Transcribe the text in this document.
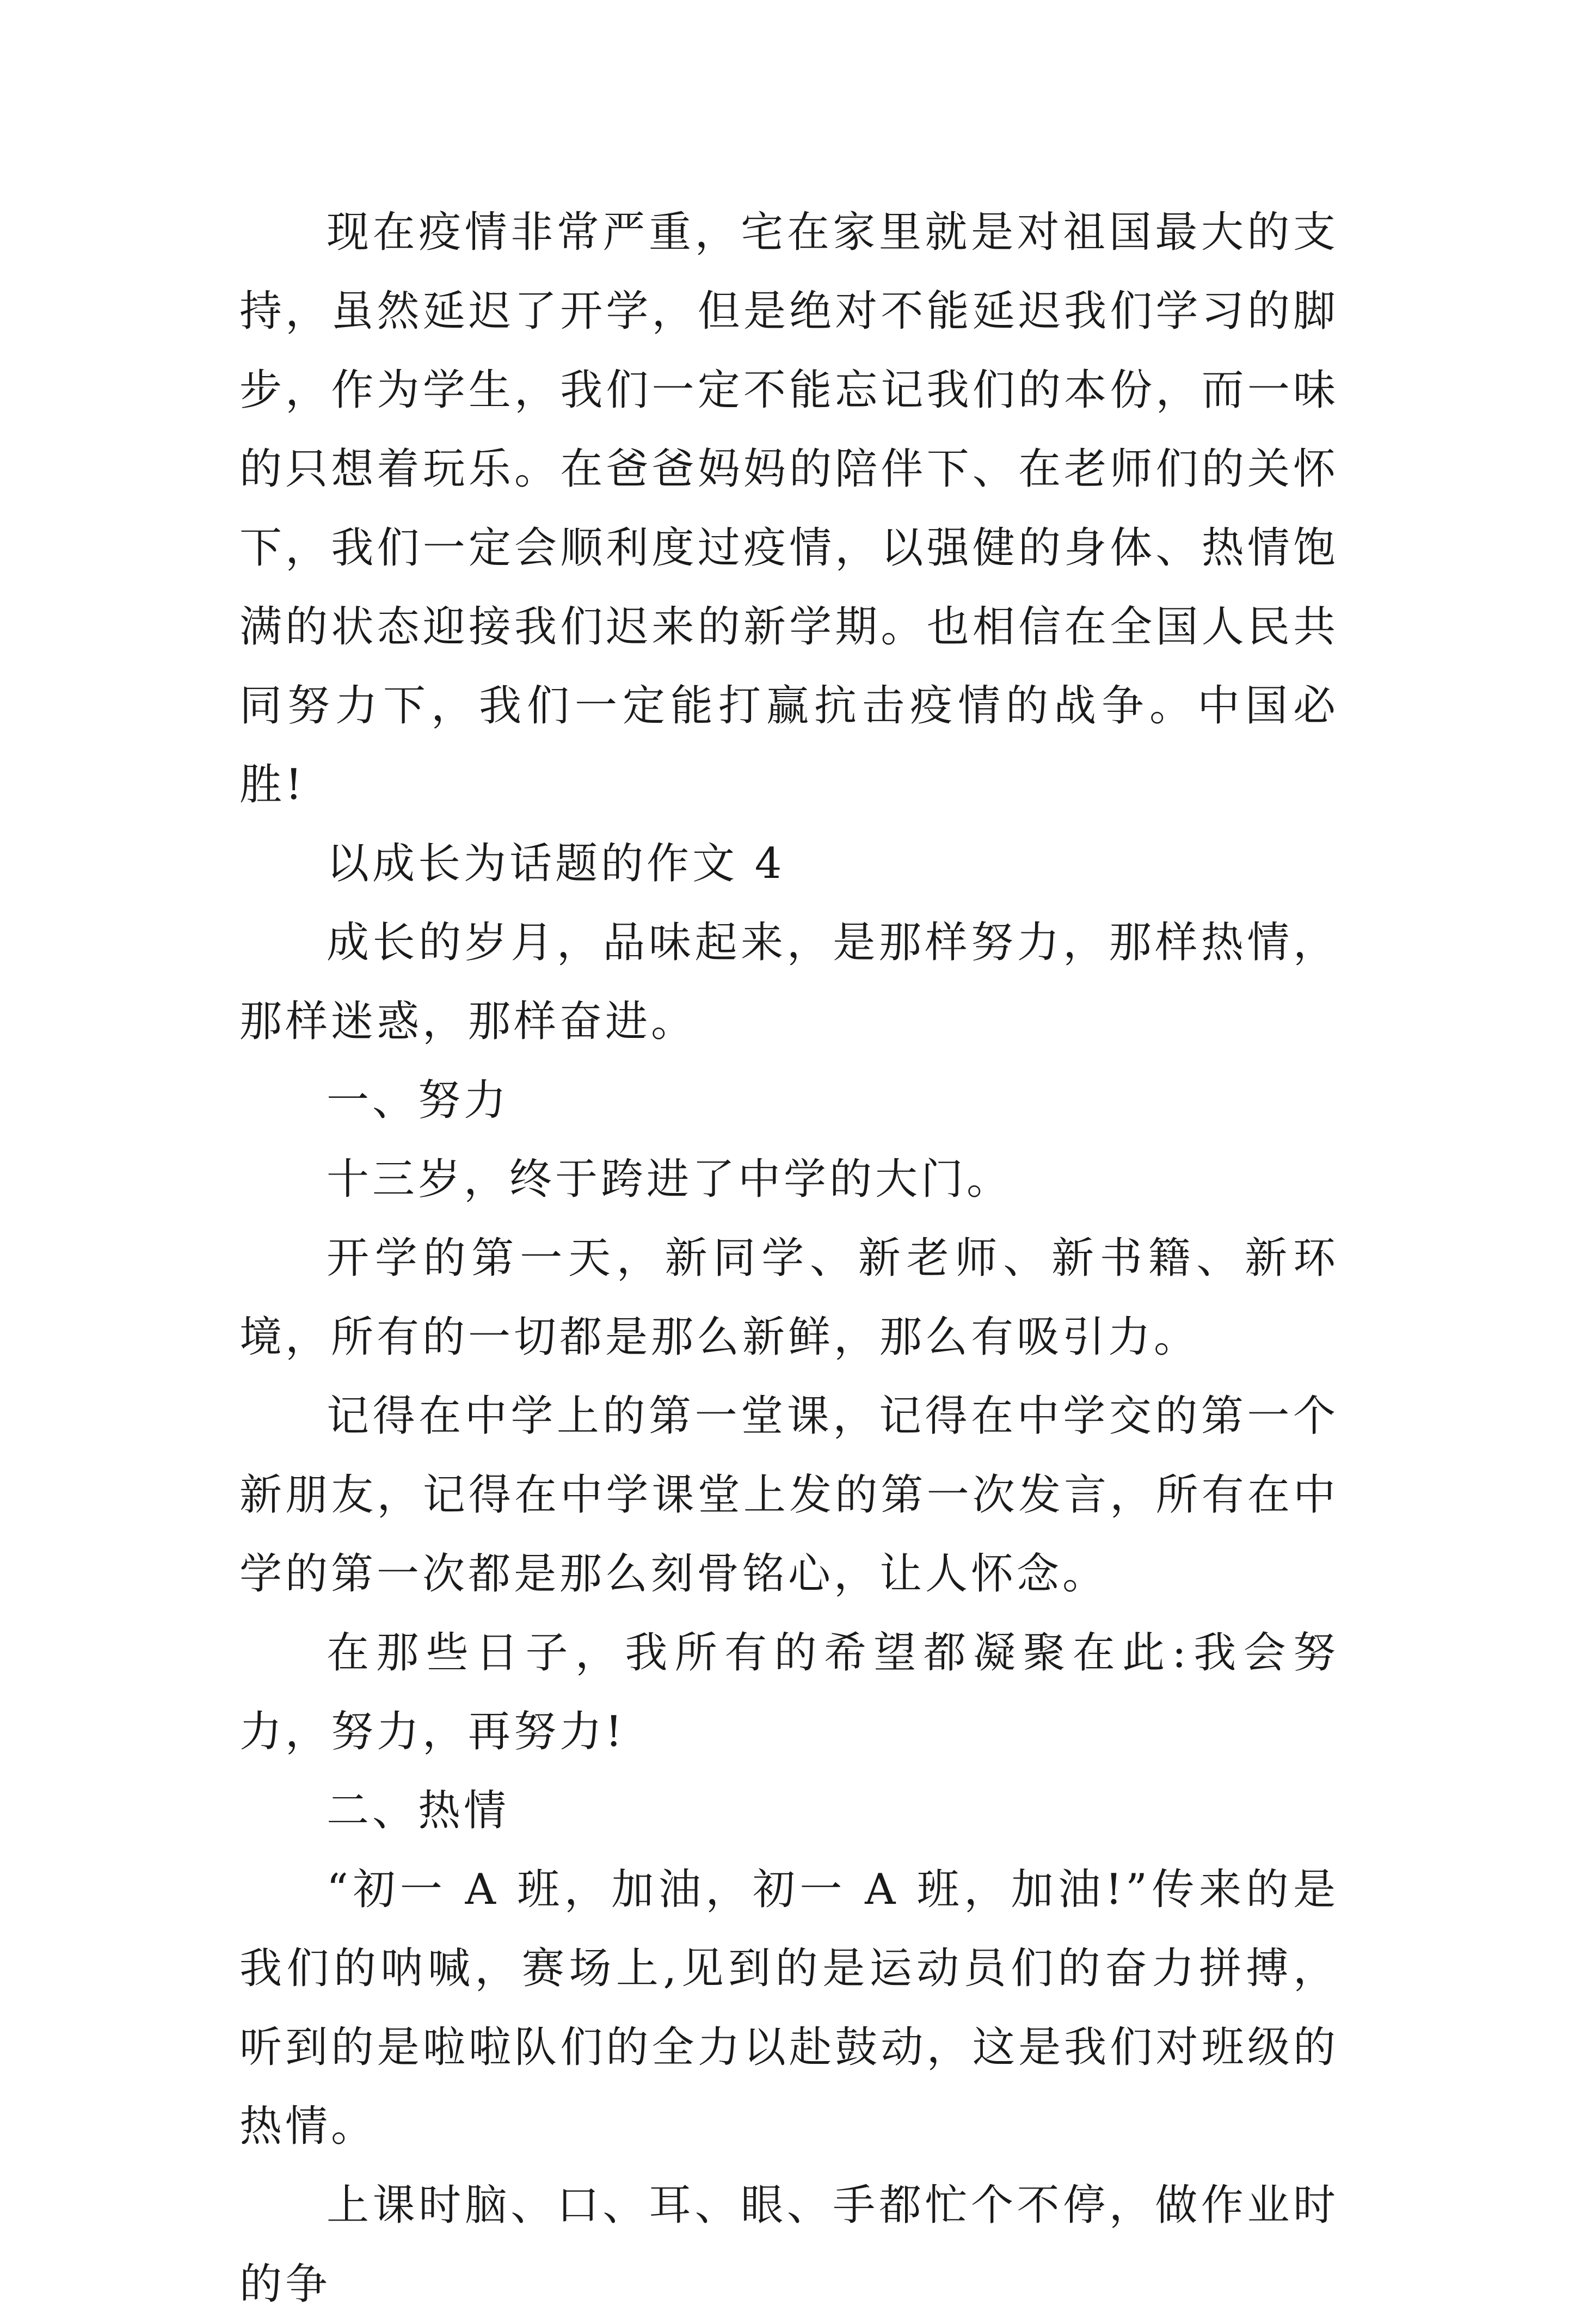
现在疫情非常严重，宅在家里就是对祖国最大的支持，虽然延迟了开学，但是绝对不能延迟我们学习的脚步，作为学生，我们一定不能忘记我们的本份，而一味的只想着玩乐。在爸爸妈妈的陪伴下、在老师们的关怀下，我们一定会顺利度过疫情，以强健的身体、热情饱满的状态迎接我们迟来的新学期。也相信在全国人民共同努力下，我们一定能打赢抗击疫情的战争。中国必胜!

以成长为话题的作文 4

成长的岁月，品味起来，是那样努力，那样热情，那样迷惑，那样奋进。

一、努力

十三岁，终于跨进了中学的大门。

开学的第一天，新同学、新老师、新书籍、新环境，所有的一切都是那么新鲜，那么有吸引力。

记得在中学上的第一堂课，记得在中学交的第一个新朋友，记得在中学课堂上发的第一次发言，所有在中学的第一次都是那么刻骨铭心，让人怀念。

在那些日子，我所有的希望都凝聚在此:我会努力，努力，再努力!

二、热情

“初一 A 班，加油，初一 A 班，加油!”传来的是我们的呐喊，赛场上,见到的是运动员们的奋力拼搏，听到的是啦啦队们的全力以赴鼓动，这是我们对班级的热情。

上课时脑、口、耳、眼、手都忙个不停，做作业时的争
